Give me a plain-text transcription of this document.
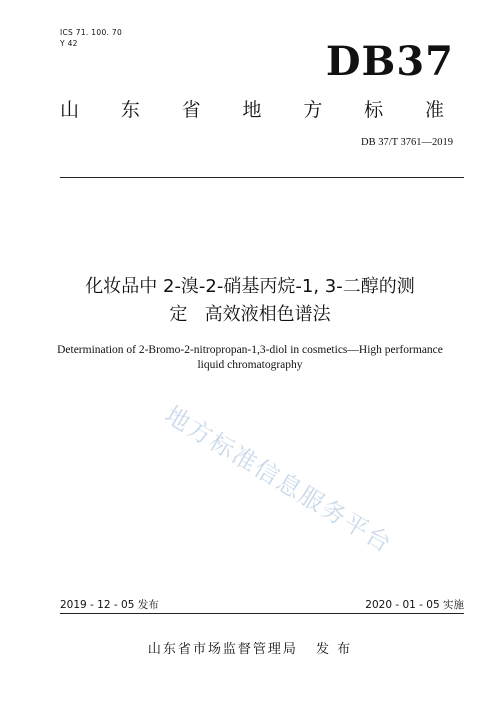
ICS 71. 100. 70
Y 42	DB37
山 东 省 地 方 标 准
DB 37/T 3761—2019
化妆品中 2-溴-2-硝基丙烷-1, 3-二醇的测
定   高效液相色谱法
Determination of 2-Bromo-2-nitropropan-1,3-diol in cosmetics—High performance
liquid chromatography
地方标准信息服务平台
2019 - 12 - 05 发布	2020 - 01 - 05 实施
山东省市场监督管理局 发 布
